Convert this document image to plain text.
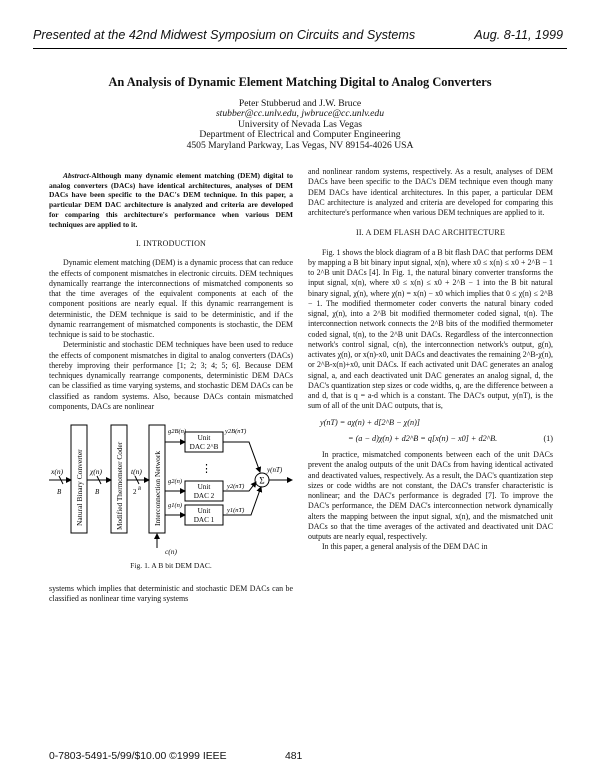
Presented at the 42nd Midwest Symposium on Circuits and Systems	Aug. 8-11, 1999
An Analysis of Dynamic Element Matching Digital to Analog Converters
Peter Stubberud and J.W. Bruce
stubber@cc.unlv.edu, jwbruce@cc.unlv.edu
University of Nevada Las Vegas
Department of Electrical and Computer Engineering
4505 Maryland Parkway, Las Vegas, NV 89154-4026 USA

Abstract-Although many dynamic element matching (DEM) digital to analog converters (DACs) have identical architectures, analyses of DEM DACs have been specific to the DAC's DEM technique. In this paper, a particular DEM DAC architecture is analyzed and criteria are developed for comparing this architecture's performance when various DEM techniques are applied to it.

I. INTRODUCTION

Dynamic element matching (DEM) is a dynamic process that can reduce the effects of component mismatches in electronic circuits. DEM techniques dynamically rearrange the interconnections of mismatched components so that the time averages of the equivalent components at each of the component positions are nearly equal. If this dynamic rearrangement is deterministic, the DEM technique is said to be deterministic, and if the dynamic rearrangement of mismatched components is stochastic, the DEM technique is said to be stochastic.

Deterministic and stochastic DEM techniques have been used to reduce the effects of component mismatches in digital to analog converters (DACs) thereby improving their performance [1; 2; 3; 4; 5; 6]. Because DEM techniques dynamically rearrange components, deterministic DEM DACs can be classified as time varying systems, and stochastic DEM DACs can be classified as random systems. Also, because DACs contain mismatched components, DACs are nonlinear

x(n)
B Natural Binary Converter χ(n)
B Modified Thermometer Coder t(n)
2 B Interconnection Network
g2B(n)
g2(n)
g1(n)
Unit
DAC 2^B
⋮
Unit
DAC 2
Unit
DAC 1
y2B(nT)
y2(nT)
y1(nT)
Σ
y(nT)
c(n)
Fig. 1. A B bit DEM DAC.

systems which implies that deterministic and stochastic DEM DACs can be classified as nonlinear time varying systems

and nonlinear random systems, respectively. As a result, analyses of DEM DACs have been specific to the DAC's DEM technique even though many DEM DACs have identical architectures. In this paper, a particular DEM DAC architecture is analyzed and criteria are developed for comparing this architecture's performance when various DEM techniques are applied to it.

II. A DEM FLASH DAC ARCHITECTURE

Fig. 1 shows the block diagram of a B bit flash DAC that performs DEM by mapping a B bit binary input signal, x(n), where x0 ≤ x(n) ≤ x0 + 2^B − 1 to 2^B unit DACs [4]. In Fig. 1, the natural binary converter transforms the input signal, x(n), where x0 ≤ x(n) ≤ x0 + 2^B − 1 into the B bit natural binary signal, χ(n), where χ(n) = x(n) − x0 which implies that 0 ≤ χ(n) ≤ 2^B − 1. The modified thermometer coder converts the natural binary coded signal, χ(n), into a 2^B bit modified thermometer coded signal, t(n). The interconnection network connects the 2^B bits of the modified thermometer coded signal, t(n), to the 2^B unit DACs. Regardless of the interconnection network's control signal, c(n), the interconnection network's output, g(n), activates χ(n), or x(n)-x0, unit DACs and deactivates the remaining 2^B-χ(n), or 2^B-x(n)+x0, unit DACs. If each activated unit DAC generates an analog signal, a, and each deactivated unit DAC generates an analog signal, d, the DAC's quantization step sizes or code widths, q, are the difference between a and d, that is q = a-d which is a constant. The DAC's output, y(nT), is the sum of all of the unit DAC outputs, that is,

y(nT) = aχ(n) + d[2^B − χ(n)]
= (a − d)χ(n) + d2^B = q[x(n) − x0] + d2^B.	(1)

In practice, mismatched components between each of the unit DACs prevent the analog outputs of the unit DACs from having identical activated and deactivated values, respectively. As a result, the DAC's quantization step sizes or code widths are not constant, the DAC's transfer characteristic is nonlinear; and the DAC's performance is degraded [7]. To improve the DAC's performance, the DEM DAC's interconnection network dynamically alters the mapping between the input signal, x(n), and the mismatched unit DACs so that the time averages of the activated and deactivated unit DAC outputs are nearly equal, respectively.

In this paper, a general analysis of the DEM DAC in

0-7803-5491-5/99/$10.00 ©1999 IEEE	481
